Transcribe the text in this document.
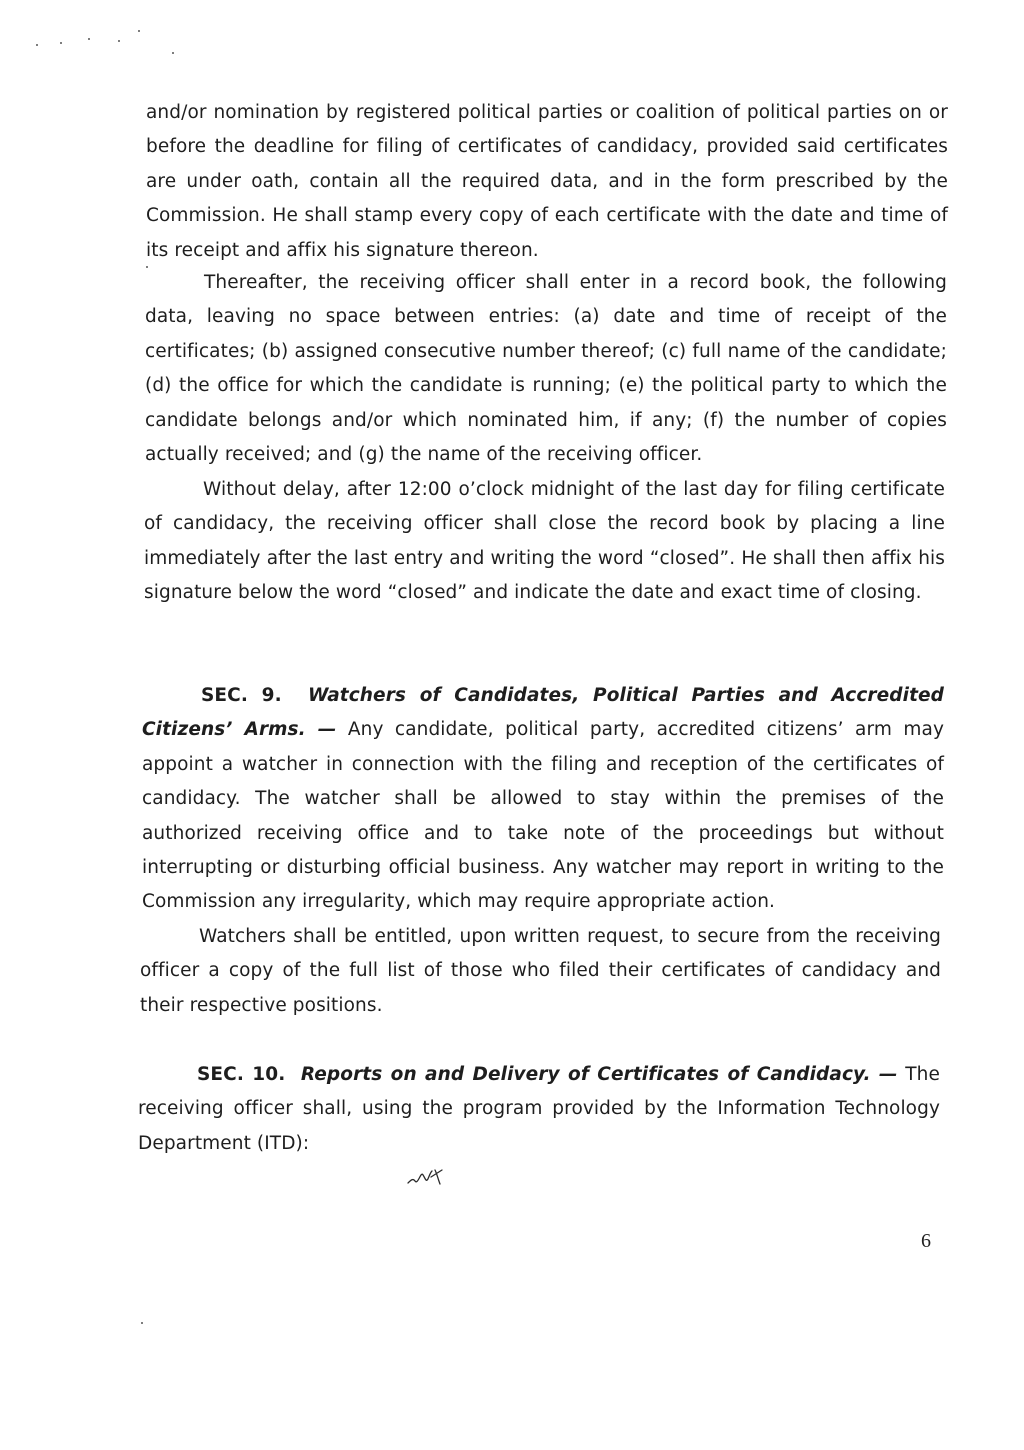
and/or nomination by registered political parties or coalition of political parties on or before the deadline for filing of certificates of candidacy, provided said certificates are under oath, contain all the required data, and in the form prescribed by the Commission. He shall stamp every copy of each certificate with the date and time of its receipt and affix his signature thereon.

Thereafter, the receiving officer shall enter in a record book, the following data, leaving no space between entries: (a) date and time of receipt of the certificates; (b) assigned consecutive number thereof; (c) full name of the candidate; (d) the office for which the candidate is running; (e) the political party to which the candidate belongs and/or which nominated him, if any; (f) the number of copies actually received; and (g) the name of the receiving officer.

Without delay, after 12:00 o’clock midnight of the last day for filing certificate of candidacy, the receiving officer shall close the record book by placing a line immediately after the last entry and writing the word “closed”. He shall then affix his signature below the word “closed” and indicate the date and exact time of closing.

SEC. 9. Watchers of Candidates, Political Parties and Accredited Citizens’ Arms. — Any candidate, political party, accredited citizens’ arm may appoint a watcher in connection with the filing and reception of the certificates of candidacy. The watcher shall be allowed to stay within the premises of the authorized receiving office and to take note of the proceedings but without interrupting or disturbing official business. Any watcher may report in writing to the Commission any irregularity, which may require appropriate action.

Watchers shall be entitled, upon written request, to secure from the receiving officer a copy of the full list of those who filed their certificates of candidacy and their respective positions.

SEC. 10. Reports on and Delivery of Certificates of Candidacy. — The receiving officer shall, using the program provided by the Information Technology Department (ITD):

6
